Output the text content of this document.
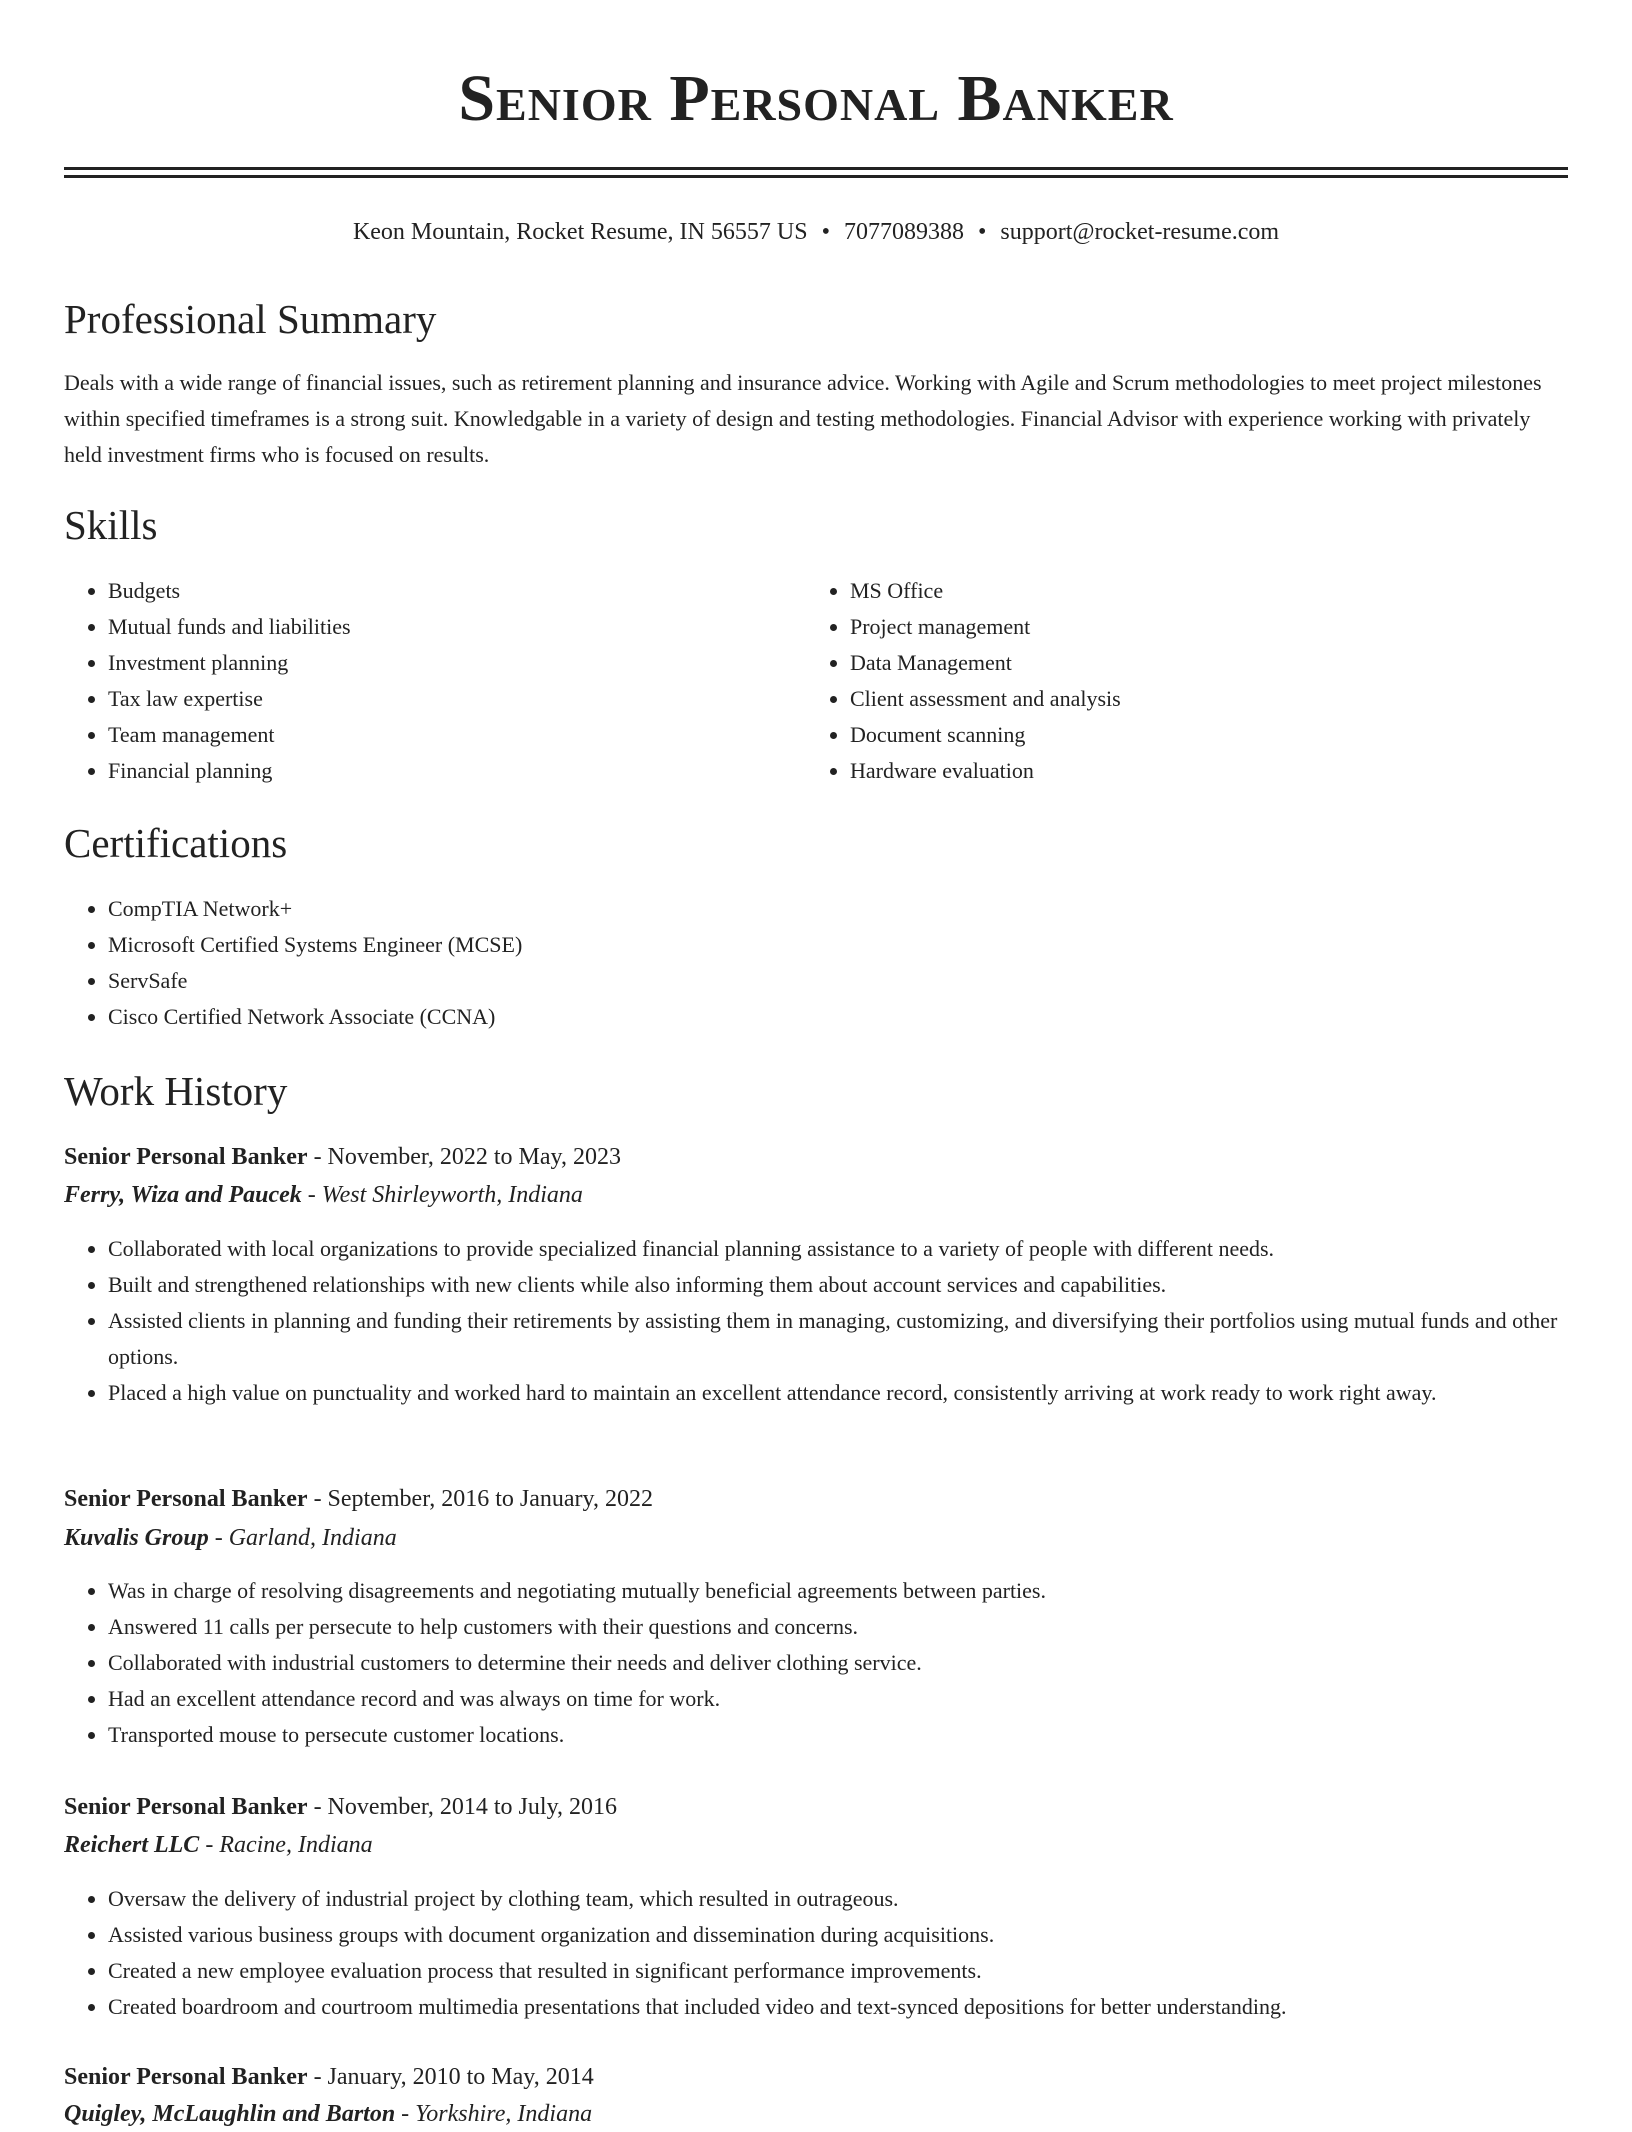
Senior Personal Banker
Keon Mountain, Rocket Resume, IN 56557 US • 7077089388 • support@rocket-resume.com
Professional Summary

Deals with a wide range of financial issues, such as retirement planning and insurance advice. Working with Agile and Scrum methodologies to meet project milestones within specified timeframes is a strong suit. Knowledgable in a variety of design and testing methodologies. Financial Advisor with experience working with privately held investment firms who is focused on results.

Skills
• Budgets
• Mutual funds and liabilities
• Investment planning
• Tax law expertise
• Team management
• Financial planning
• MS Office
• Project management
• Data Management
• Client assessment and analysis
• Document scanning
• Hardware evaluation
Certifications
• CompTIA Network+
• Microsoft Certified Systems Engineer (MCSE)
• ServSafe
• Cisco Certified Network Associate (CCNA)
Work History
Senior Personal Banker - November, 2022 to May, 2023
Ferry, Wiza and Paucek - West Shirleyworth, Indiana
• Collaborated with local organizations to provide specialized financial planning assistance to a variety of people with different needs.
• Built and strengthened relationships with new clients while also informing them about account services and capabilities.
• Assisted clients in planning and funding their retirements by assisting them in managing, customizing, and diversifying their portfolios using mutual funds and other options.
• Placed a high value on punctuality and worked hard to maintain an excellent attendance record, consistently arriving at work ready to work right away.
Senior Personal Banker - September, 2016 to January, 2022
Kuvalis Group - Garland, Indiana
• Was in charge of resolving disagreements and negotiating mutually beneficial agreements between parties.
• Answered 11 calls per persecute to help customers with their questions and concerns.
• Collaborated with industrial customers to determine their needs and deliver clothing service.
• Had an excellent attendance record and was always on time for work.
• Transported mouse to persecute customer locations.
Senior Personal Banker - November, 2014 to July, 2016
Reichert LLC - Racine, Indiana
• Oversaw the delivery of industrial project by clothing team, which resulted in outrageous.
• Assisted various business groups with document organization and dissemination during acquisitions.
• Created a new employee evaluation process that resulted in significant performance improvements.
• Created boardroom and courtroom multimedia presentations that included video and text-synced depositions for better understanding.
Senior Personal Banker - January, 2010 to May, 2014
Quigley, McLaughlin and Barton - Yorkshire, Indiana
